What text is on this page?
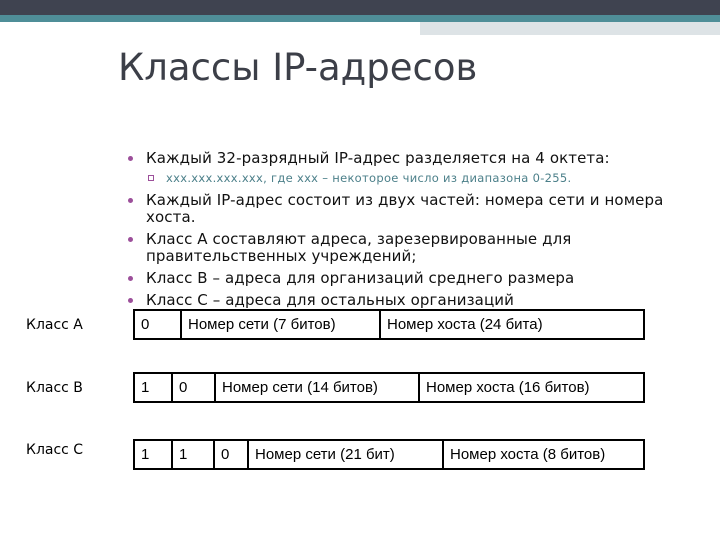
Классы IP-адресов
Каждый 32-разрядный IP-адрес разделяется на 4 октета:
xxx.xxx.xxx.xxx, где ххх – некоторое число из диапазона 0-255.
Каждый IP-адрес состоит из двух частей: номера сети и номера хоста.
Класс А составляют адреса, зарезервированные для правительственных учреждений;
Класс В – адреса для организаций среднего размера
Класс С – адреса для остальных организаций
Класс А	0	Номер сети (7 битов)	Номер хоста (24 бита)
Класс В	1	0	Номер сети (14 битов)	Номер хоста (16 битов)
Класс С	1	1	0	Номер сети (21 бит)	Номер хоста (8 битов)
